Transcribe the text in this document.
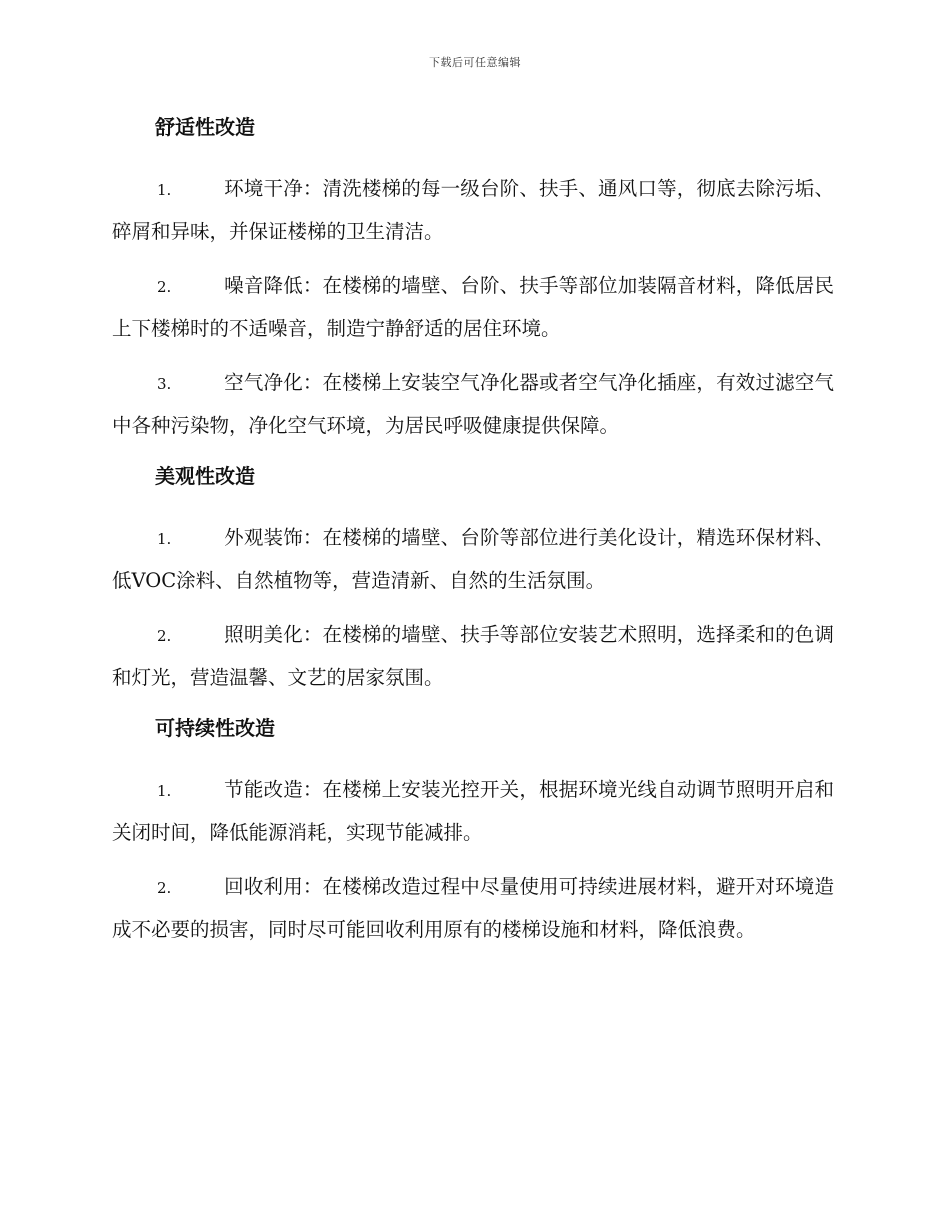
下载后可任意编辑
舒适性改造

1.	环境干净：清洗楼梯的每一级台阶、扶手、通风口等，彻底去除污垢、碎屑和异味，并保证楼梯的卫生清洁。

2.	噪音降低：在楼梯的墙壁、台阶、扶手等部位加装隔音材料，降低居民上下楼梯时的不适噪音，制造宁静舒适的居住环境。

3.	空气净化：在楼梯上安装空气净化器或者空气净化插座，有效过滤空气中各种污染物，净化空气环境，为居民呼吸健康提供保障。

美观性改造

1.	外观装饰：在楼梯的墙壁、台阶等部位进行美化设计，精选环保材料、低VOC涂料、自然植物等，营造清新、自然的生活氛围。

2.	照明美化：在楼梯的墙壁、扶手等部位安装艺术照明，选择柔和的色调和灯光，营造温馨、文艺的居家氛围。

可持续性改造

1.	节能改造：在楼梯上安装光控开关，根据环境光线自动调节照明开启和关闭时间，降低能源消耗，实现节能减排。

2.	回收利用：在楼梯改造过程中尽量使用可持续进展材料，避开对环境造成不必要的损害，同时尽可能回收利用原有的楼梯设施和材料，降低浪费。
